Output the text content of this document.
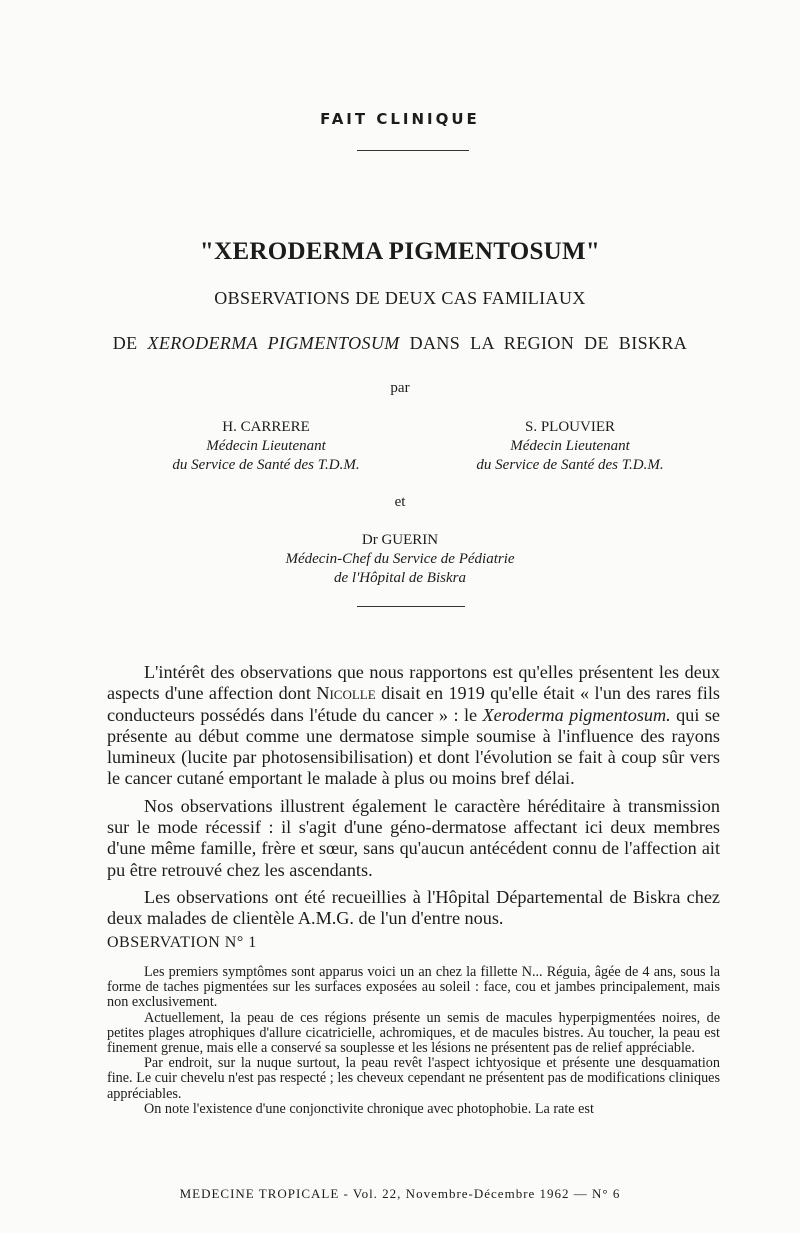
FAIT CLINIQUE
"XERODERMA PIGMENTOSUM"
OBSERVATIONS DE DEUX CAS FAMILIAUX
DE XERODERMA PIGMENTOSUM DANS LA REGION DE BISKRA
par
H. CARRERE
Médecin Lieutenant
du Service de Santé des T.D.M.
S. PLOUVIER
Médecin Lieutenant
du Service de Santé des T.D.M.
et
Dr GUERIN
Médecin-Chef du Service de Pédiatrie
de l'Hôpital de Biskra

L'intérêt des observations que nous rapportons est qu'elles présentent les deux aspects d'une affection dont Nicolle disait en 1919 qu'elle était « l'un des rares fils conducteurs possédés dans l'étude du cancer » : le Xeroderma pigmentosum. qui se présente au début comme une dermatose simple soumise à l'influence des rayons lumineux (lucite par photosensibilisation) et dont l'évolution se fait à coup sûr vers le cancer cutané emportant le malade à plus ou moins bref délai.

Nos observations illustrent également le caractère héréditaire à transmission sur le mode récessif : il s'agit d'une géno-dermatose affectant ici deux membres d'une même famille, frère et sœur, sans qu'aucun antécédent connu de l'affection ait pu être retrouvé chez les ascendants.

Les observations ont été recueillies à l'Hôpital Départemental de Biskra chez deux malades de clientèle A.M.G. de l'un d'entre nous.

OBSERVATION N° 1

Les premiers symptômes sont apparus voici un an chez la fillette N... Réguia, âgée de 4 ans, sous la forme de taches pigmentées sur les surfaces exposées au soleil : face, cou et jambes principalement, mais non exclusivement.

Actuellement, la peau de ces régions présente un semis de macules hyperpigmentées noires, de petites plages atrophiques d'allure cicatricielle, achromiques, et de macules bistres. Au toucher, la peau est finement grenue, mais elle a conservé sa souplesse et les lésions ne présentent pas de relief appréciable.

Par endroit, sur la nuque surtout, la peau revêt l'aspect ichtyosique et présente une desquamation fine. Le cuir chevelu n'est pas respecté ; les cheveux cependant ne présentent pas de modifications cliniques appréciables.

On note l'existence d'une conjonctivite chronique avec photophobie. La rate est

MEDECINE TROPICALE - Vol. 22, Novembre-Décembre 1962 — N° 6
